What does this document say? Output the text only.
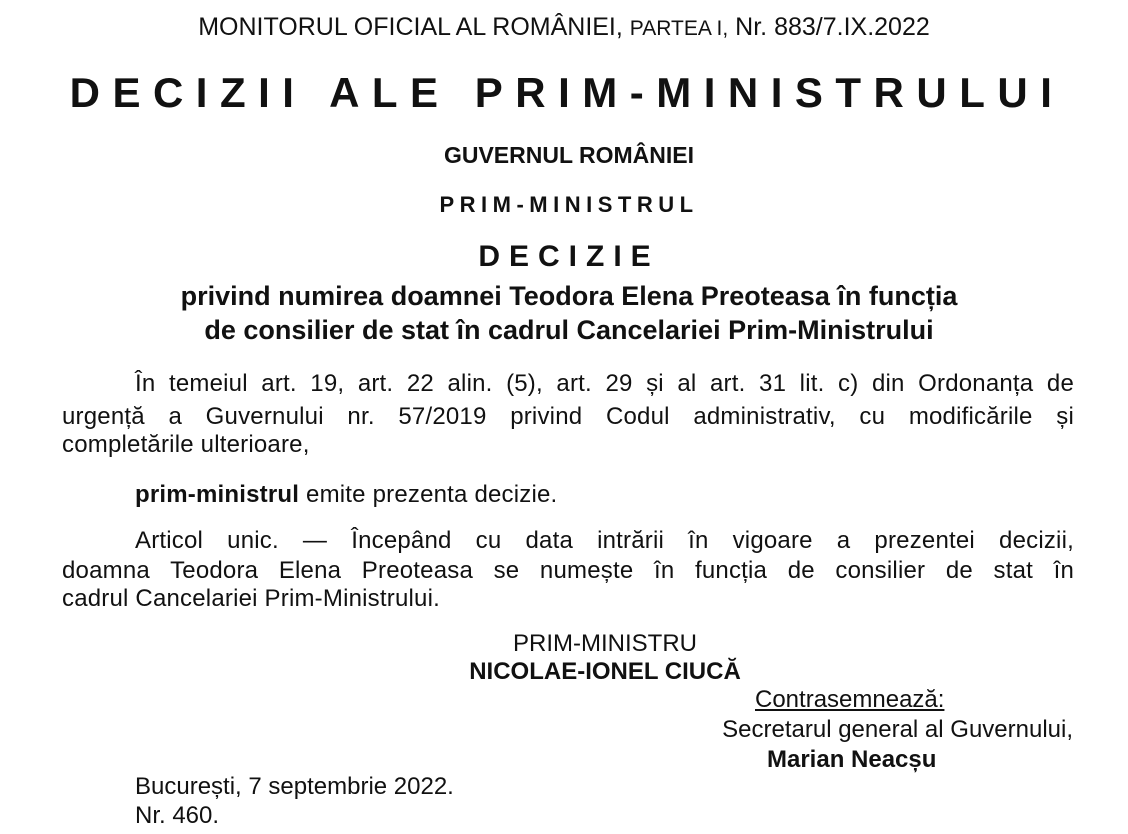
MONITORUL OFICIAL AL ROMÂNIEI, PARTEA I, Nr. 883/7.IX.2022
DECIZII ALE PRIM-MINISTRULUI
GUVERNUL ROMÂNIEI
PRIM-MINISTRUL
DECIZIE
privind numirea doamnei Teodora Elena Preoteasa în funcția
de consilier de stat în cadrul Cancelariei Prim-Ministrului
În temeiul art. 19, art. 22 alin. (5), art. 29 și al art. 31 lit. c) din Ordonanța de
urgență a Guvernului nr. 57/2019 privind Codul administrativ, cu modificările și
completările ulterioare,
prim-ministrul emite prezenta decizie.
Articol unic. — Începând cu data intrării în vigoare a prezentei decizii,
doamna Teodora Elena Preoteasa se numește în funcția de consilier de stat în
cadrul Cancelariei Prim-Ministrului.
PRIM-MINISTRU
NICOLAE-IONEL CIUCĂ
Contrasemnează:
Secretarul general al Guvernului,
Marian Neacșu
București, 7 septembrie 2022.
Nr. 460.
